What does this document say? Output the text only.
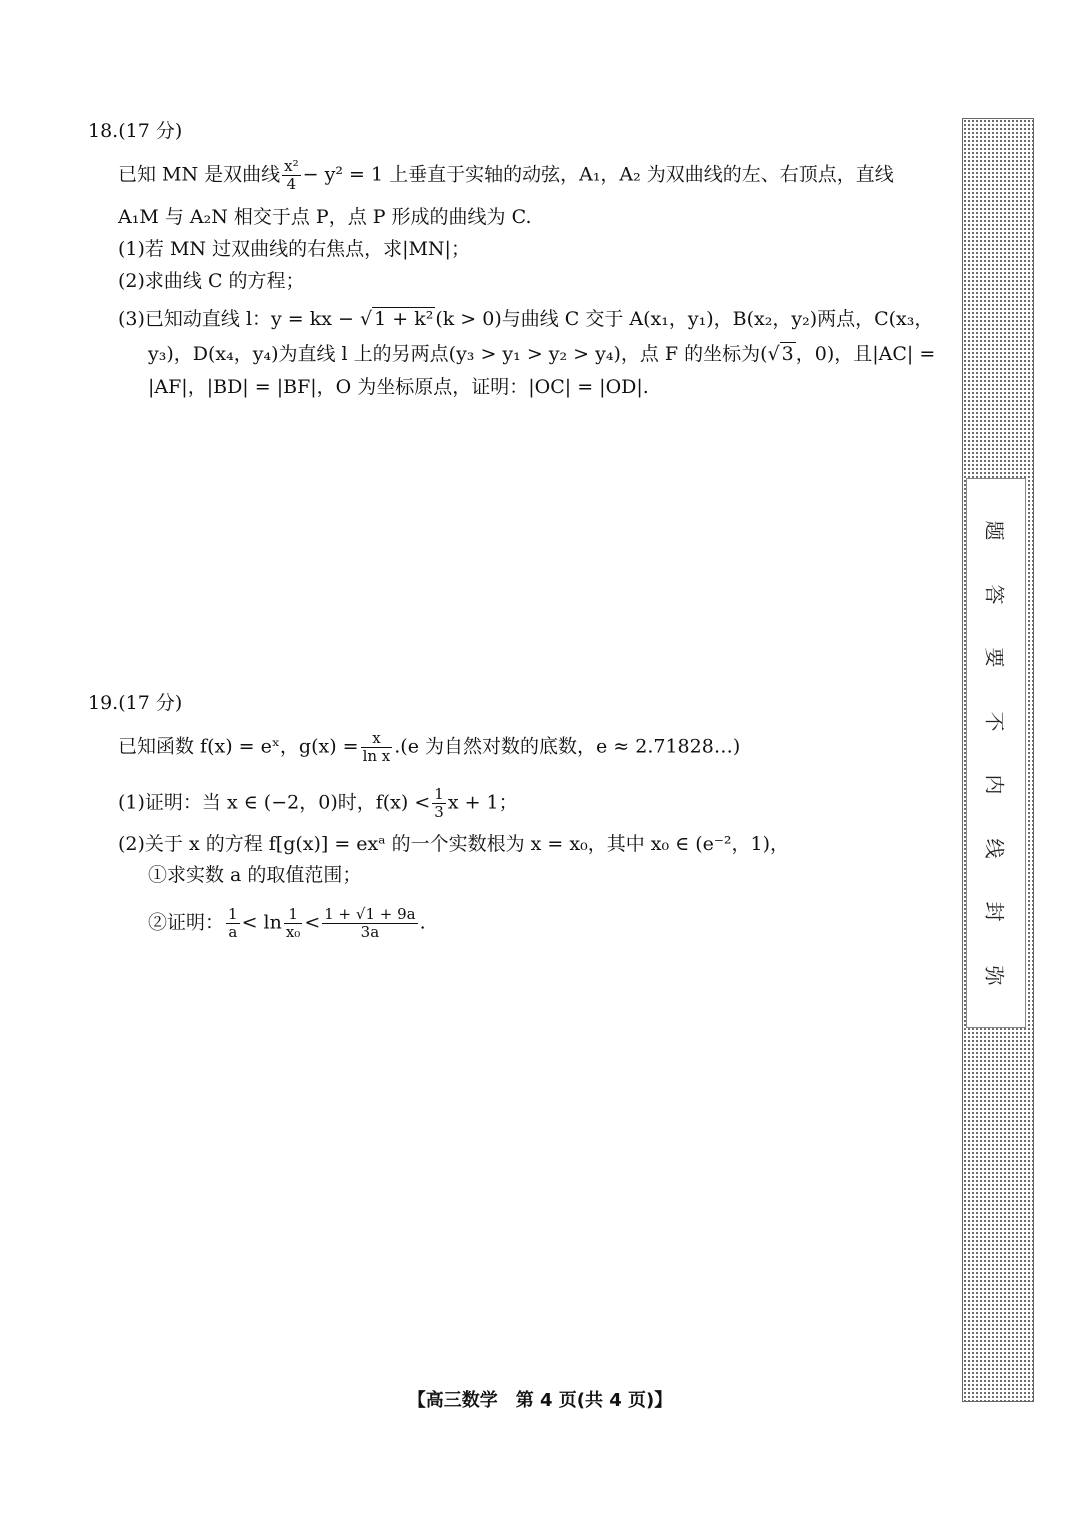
18.(17 分)
已知 MN 是双曲线 $\frac{\text{x²}}{4} - y^2 = 1$ 上垂直于实轴的动弦，A₁，A₂ 为双曲线的左、右顶点，直线
A₁M 与 A₂N 相交于点 P，点 P 形成的曲线为 C.
(1)若 MN 过双曲线的右焦点，求|MN|；
(2)求曲线 C 的方程；
(3)已知动直线 l：y = kx − √ 1 + k² (k > 0)与曲线 C 交于 A(x₁，y₁)，B(x₂，y₂)两点，C(x₃，
y₃)，D(x₄，y₄)为直线 l 上的另两点(y₃ > y₁ > y₂ > y₄)，点 F 的坐标为(√ 3 ，0)，且|AC| =
|AF|，|BD| = |BF|，O 为坐标原点，证明：|OC| = |OD|.
19.(17 分)
已知函数 f(x) = eˣ，$g(x) = \frac{x}{\text{ln x}} .(e$ 为自然对数的底数，e ≈ 2.71828…)
(1)证明：当 x ∈ (−2，0)时，$f(x) < \frac{1}{3}$ x + 1；
(2)关于 x 的方程 f[g(x)] = exᵃ 的一个实数根为 x = x₀，其中 x₀ ∈ (e⁻²，1)，
①求实数 a 的取值范围；
②证明： $\frac{1}{a} < \ln \frac{1}{\text{x₀}} < \frac{1 + √1 + 9a}{3a}$ .
题
答
要
不
内
线
封
弥
【高三数学　第 4 页(共 4 页)】
